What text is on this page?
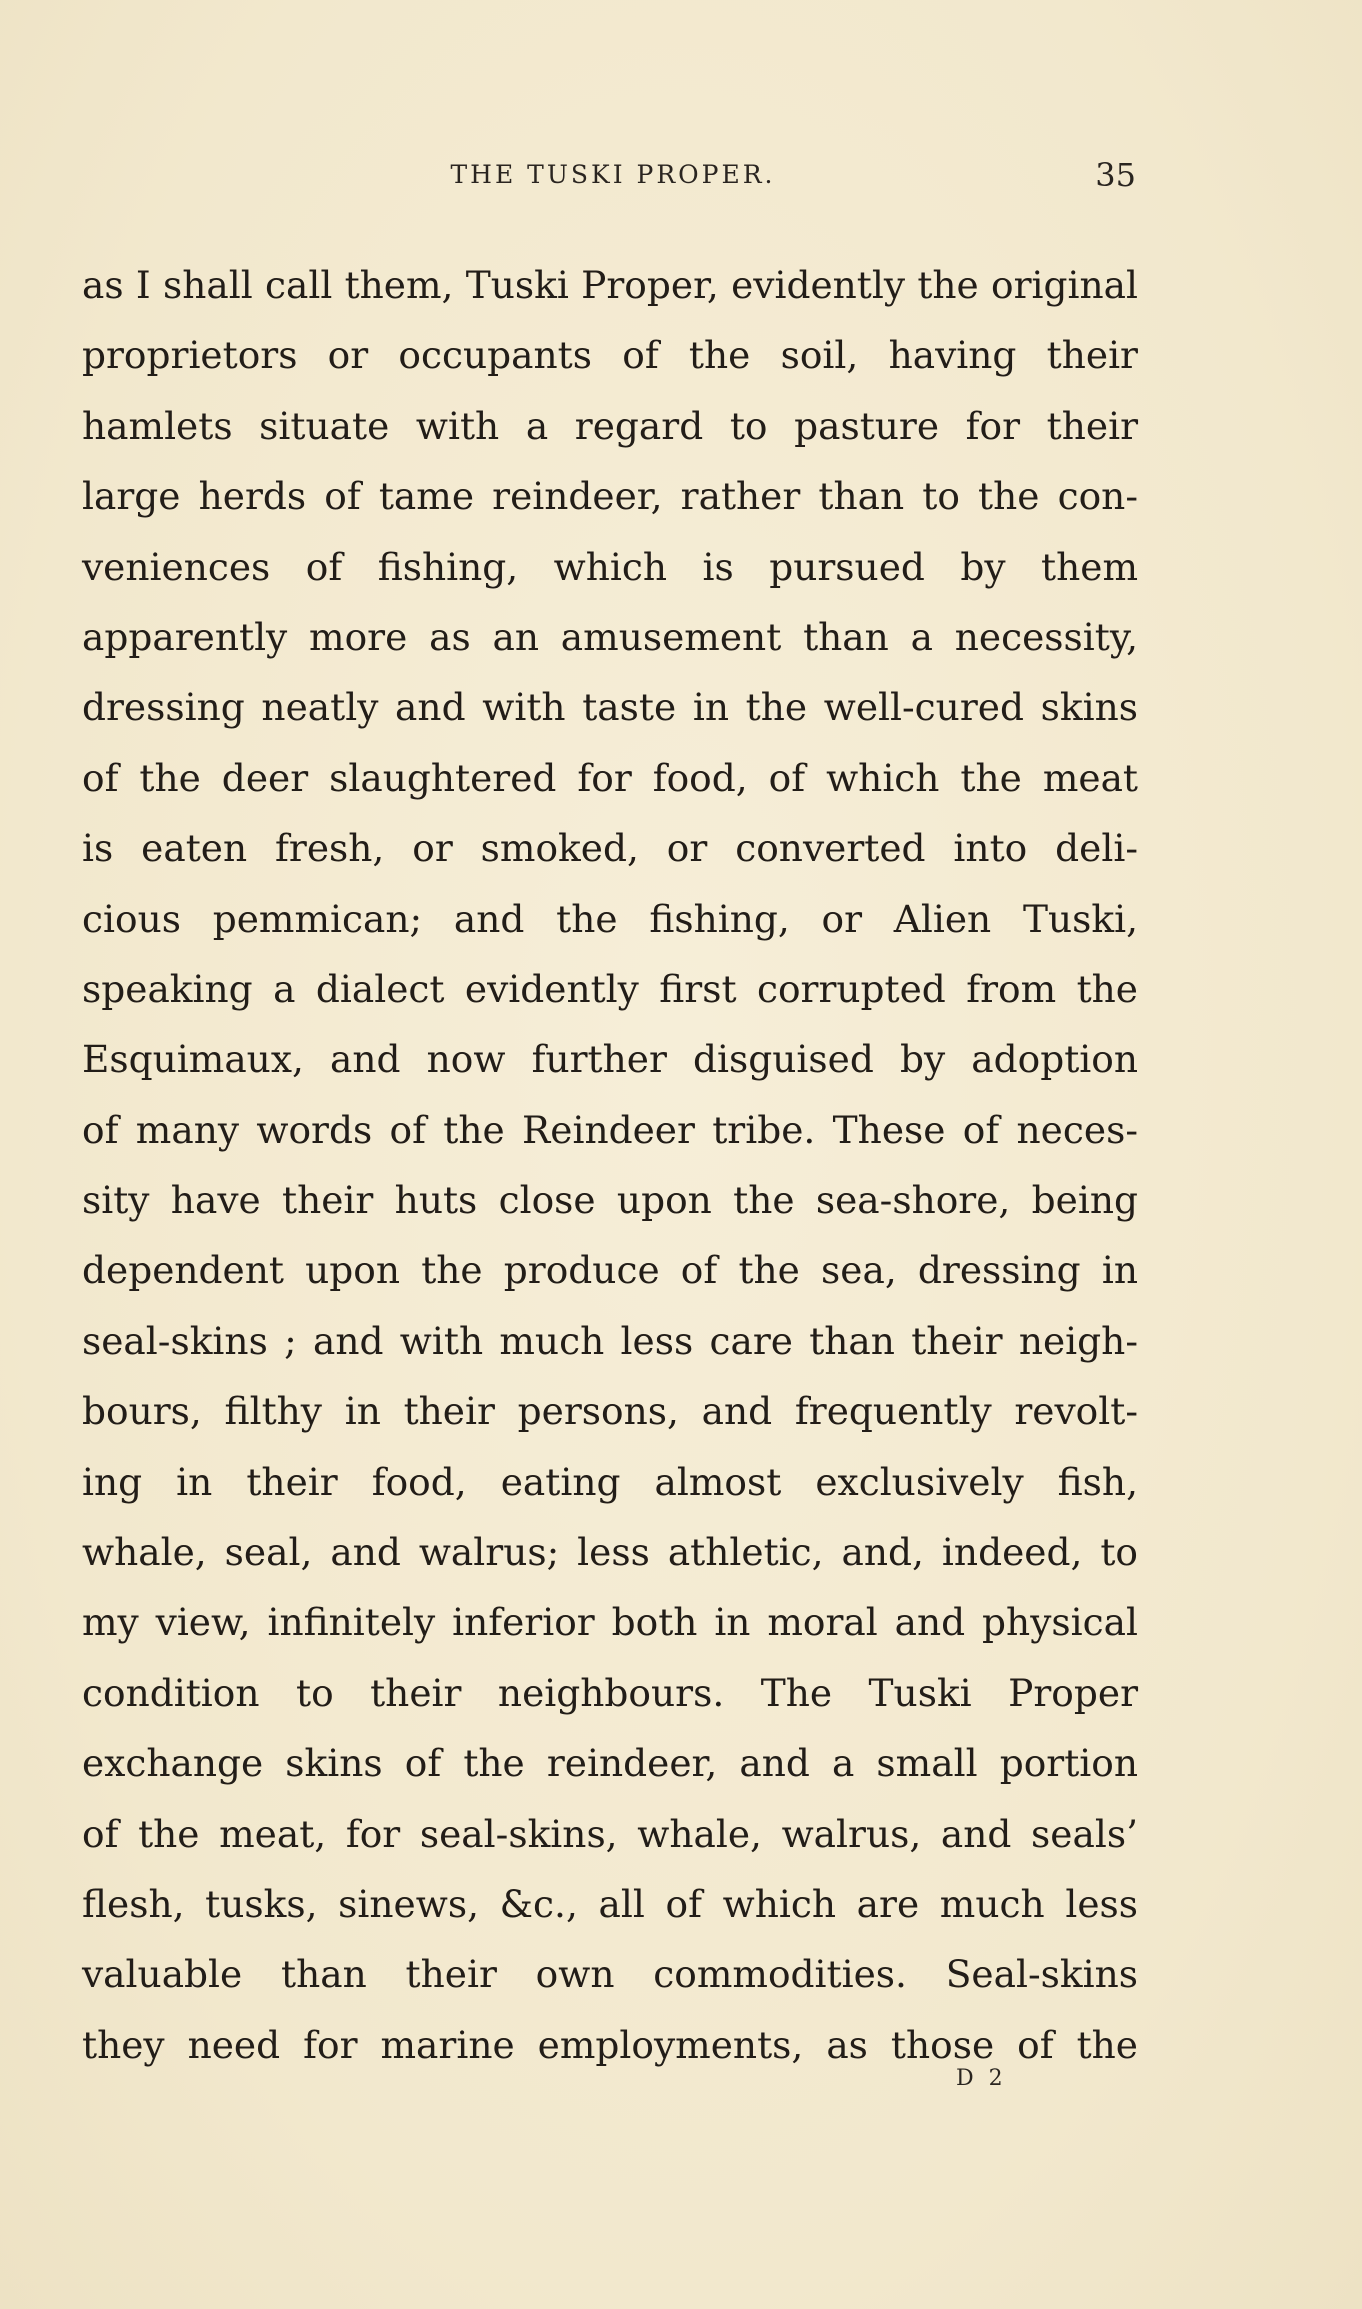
THE TUSKI PROPER.	35
as I shall call them, Tuski Proper, evidently the original
proprietors or occupants of the soil, having their
hamlets situate with a regard to pasture for their
large herds of tame reindeer, rather than to the con-
veniences of fishing, which is pursued by them
apparently more as an amusement than a necessity,
dressing neatly and with taste in the well-cured skins
of the deer slaughtered for food, of which the meat
is eaten fresh, or smoked, or converted into deli-
cious pemmican; and the fishing, or Alien Tuski,
speaking a dialect evidently first corrupted from the
Esquimaux, and now further disguised by adoption
of many words of the Reindeer tribe. These of neces-
sity have their huts close upon the sea-shore, being
dependent upon the produce of the sea, dressing in
seal-skins ; and with much less care than their neigh-
bours, filthy in their persons, and frequently revolt-
ing in their food, eating almost exclusively fish,
whale, seal, and walrus; less athletic, and, indeed, to
my view, infinitely inferior both in moral and physical
condition to their neighbours. The Tuski Proper
exchange skins of the reindeer, and a small portion
of the meat, for seal-skins, whale, walrus, and seals’
flesh, tusks, sinews, &c., all of which are much less
valuable than their own commodities. Seal-skins
they need for marine employments, as those of the
D 2
